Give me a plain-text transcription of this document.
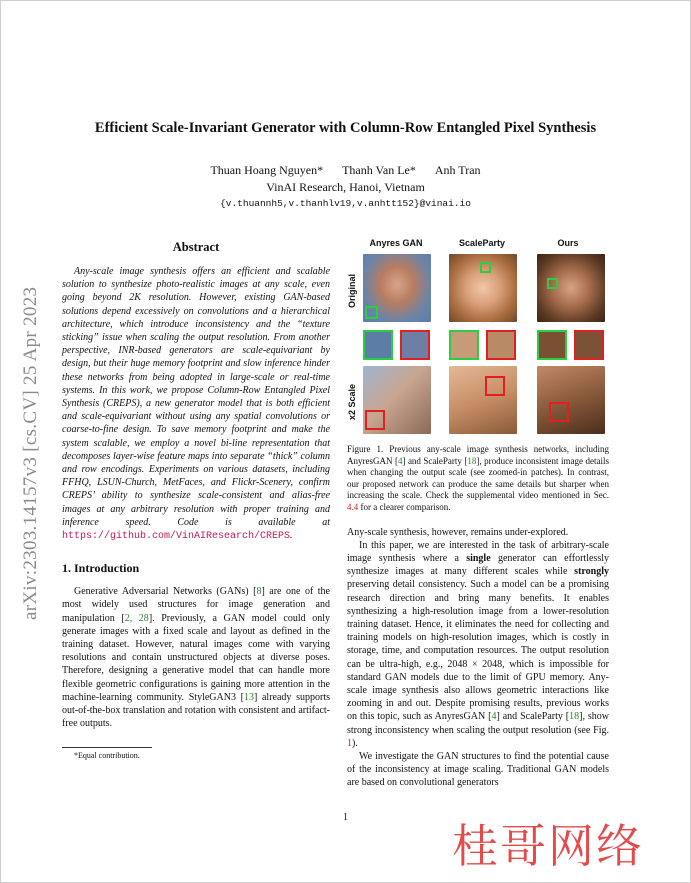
arXiv:2303.14157v3 [cs.CV] 25 Apr 2023
Efficient Scale-Invariant Generator with Column-Row Entangled Pixel Synthesis
Thuan Hoang Nguyen* Thanh Van Le* Anh Tran
VinAI Research, Hanoi, Vietnam
{v.thuannh5,v.thanhlv19,v.anhtt152}@vinai.io
Abstract

Any-scale image synthesis offers an efficient and scalable solution to synthesize photo-realistic images at any scale, even going beyond 2K resolution. However, existing GAN-based solutions depend excessively on convolutions and a hierarchical architecture, which introduce inconsistency and the “texture sticking” issue when scaling the output resolution. From another perspective, INR-based generators are scale-equivariant by design, but their huge memory footprint and slow inference hinder these networks from being adopted in large-scale or real-time systems. In this work, we propose Column-Row Entangled Pixel Synthesis (CREPS), a new generator model that is both efficient and scale-equivariant without using any spatial convolutions or coarse-to-fine design. To save memory footprint and make the system scalable, we employ a novel bi-line representation that decomposes layer-wise feature maps into separate “thick” column and row encodings. Experiments on various datasets, including FFHQ, LSUN-Church, MetFaces, and Flickr-Scenery, confirm CREPS’ ability to synthesize scale-consistent and alias-free images at any arbitrary resolution with proper training and inference speed. Code is available at https://github.com/VinAIResearch/CREPS.

1. Introduction

Generative Adversarial Networks (GANs) [8] are one of the most widely used structures for image generation and manipulation [2, 28]. Previously, a GAN model could only generate images with a fixed scale and layout as defined in the training dataset. However, natural images come with varying resolutions and contain unstructured objects at diverse poses. Therefore, designing a generative model that can handle more flexible geometric configurations is gaining more attention in the machine-learning community. StyleGAN3 [13] already supports out-of-the-box translation and rotation with consistent and artifact-free outputs.

*Equal contribution.
Anyres GAN	ScaleParty	Ours
Original
x2 Scale
Figure 1. Previous any-scale image synthesis networks, including AnyresGAN [4] and ScaleParty [18], produce inconsistent image details when changing the output scale (see zoomed-in patches). In contrast, our proposed network can produce the same details but sharper when increasing the scale. Check the supplemental video mentioned in Sec. 4.4 for a clearer comparison.

Any-scale synthesis, however, remains under-explored.

In this paper, we are interested in the task of arbitrary-scale image synthesis where a single generator can effortlessly synthesize images at many different scales while strongly preserving detail consistency. Such a model can be a promising research direction and bring many benefits. It enables synthesizing a high-resolution image from a lower-resolution training dataset. Hence, it eliminates the need for collecting and training models on high-resolution images, which is costly in storage, time, and computation resources. The output resolution can be ultra-high, e.g., 2048 × 2048, which is impossible for standard GAN models due to the limit of GPU memory. Any-scale image synthesis also allows geometric interactions like zooming in and out. Despite promising results, previous works on this topic, such as AnyresGAN [4] and ScaleParty [18], show strong inconsistency when scaling the output resolution (see Fig. 1).

We investigate the GAN structures to find the potential cause of the inconsistency at image scaling. Traditional GAN models are based on convolutional generators

1
桂哥网络
